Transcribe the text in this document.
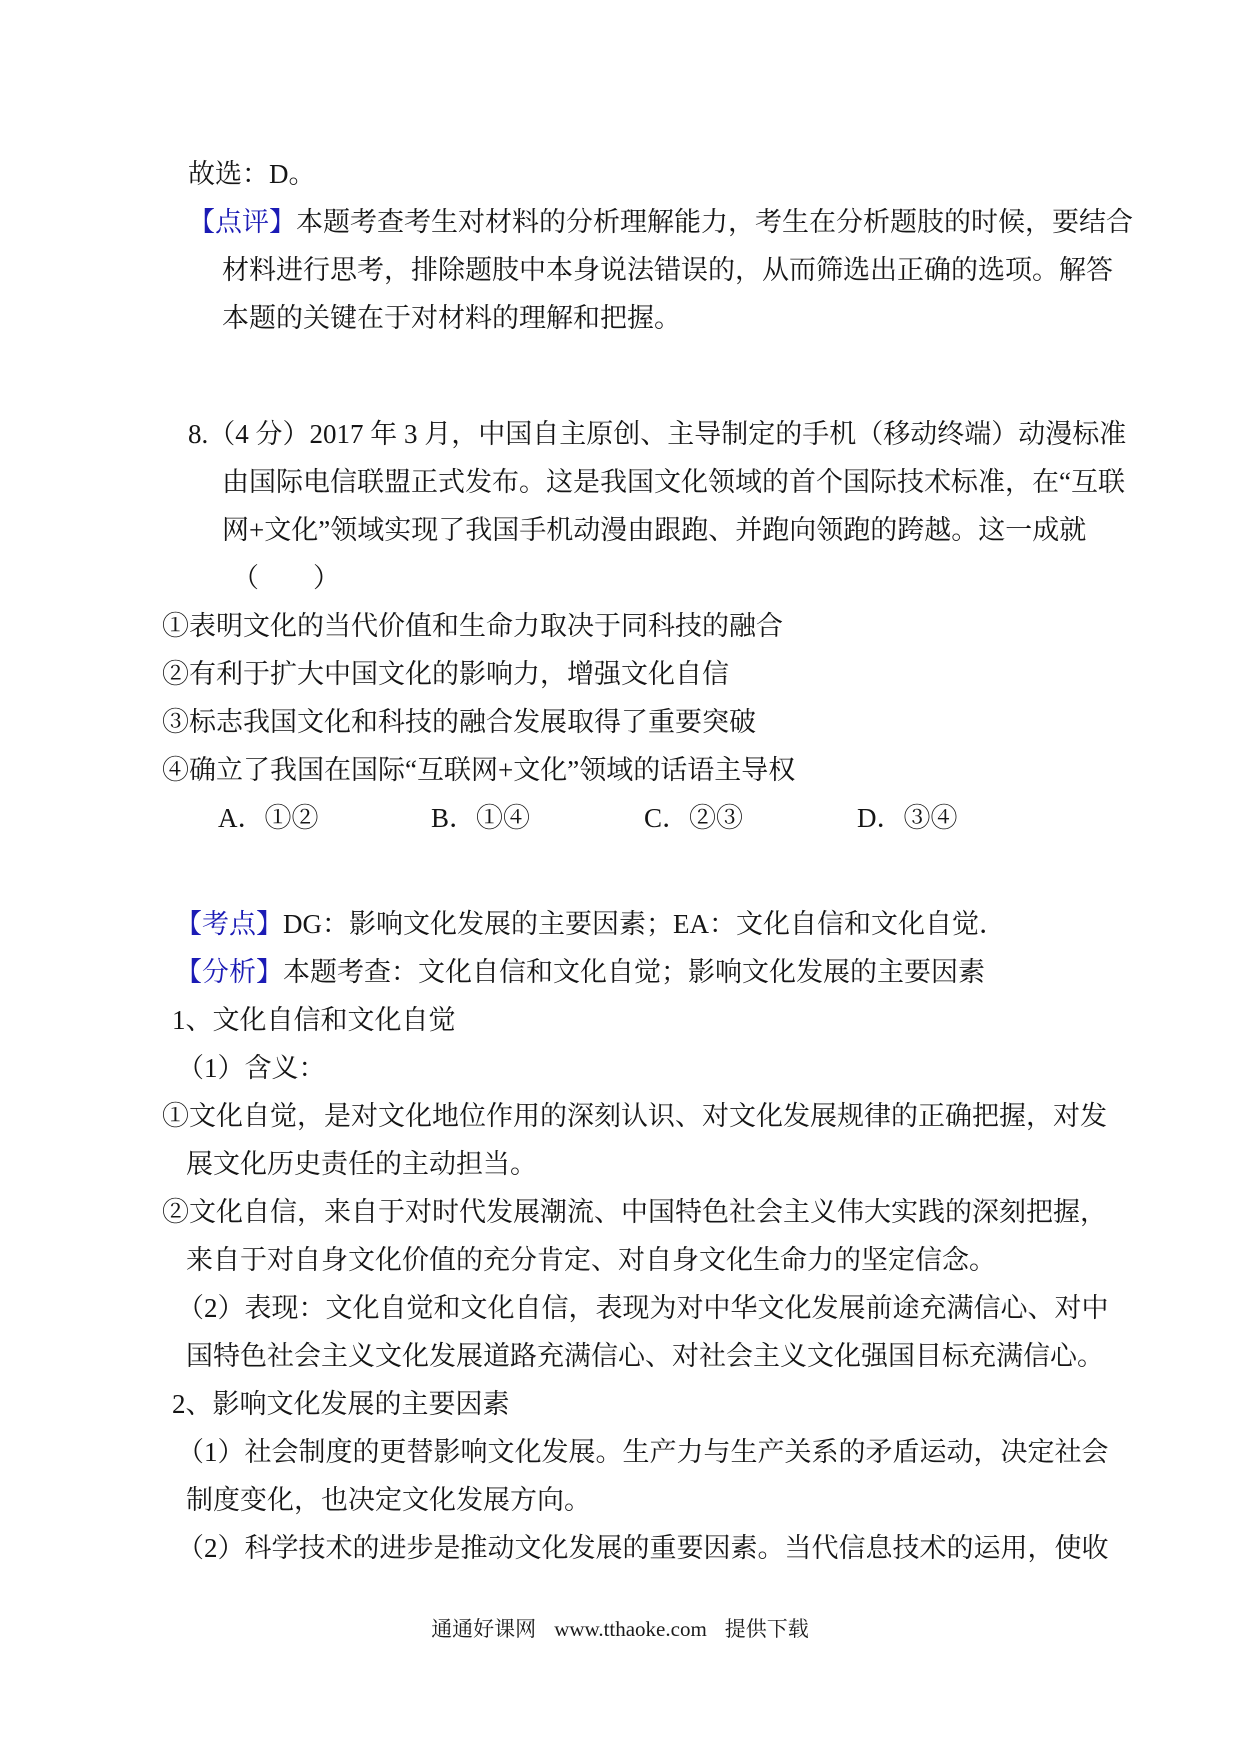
故选：D。
【点评】本题考查考生对材料的分析理解能力，考生在分析题肢的时候，要结合
材料进行思考，排除题肢中本身说法错误的，从而筛选出正确的选项。解答
本题的关键在于对材料的理解和把握。
8.（4 分）2017 年 3 月，中国自主原创、主导制定的手机（移动终端）动漫标准
由国际电信联盟正式发布。这是我国文化领域的首个国际技术标准，在“互联
网+文化”领域实现了我国手机动漫由跟跑、并跑向领跑的跨越。这一成就
（　　）
①表明文化的当代价值和生命力取决于同科技的融合
②有利于扩大中国文化的影响力，增强文化自信
③标志我国文化和科技的融合发展取得了重要突破
④确立了我国在国际“互联网+文化”领域的话语主导权
A．①②	B．①④	C．②③	D．③④
【考点】DG：影响文化发展的主要因素；EA：文化自信和文化自觉．
【分析】本题考查：文化自信和文化自觉；影响文化发展的主要因素
1、文化自信和文化自觉
（1）含义：
①文化自觉，是对文化地位作用的深刻认识、对文化发展规律的正确把握，对发
展文化历史责任的主动担当。
②文化自信，来自于对时代发展潮流、中国特色社会主义伟大实践的深刻把握，
来自于对自身文化价值的充分肯定、对自身文化生命力的坚定信念。
（2）表现：文化自觉和文化自信，表现为对中华文化发展前途充满信心、对中
国特色社会主义文化发展道路充满信心、对社会主义文化强国目标充满信心。
2、影响文化发展的主要因素
（1）社会制度的更替影响文化发展。生产力与生产关系的矛盾运动，决定社会
制度变化，也决定文化发展方向。
（2）科学技术的进步是推动文化发展的重要因素。当代信息技术的运用，使收
通通好课网 www.tthaoke.com 提供下载
